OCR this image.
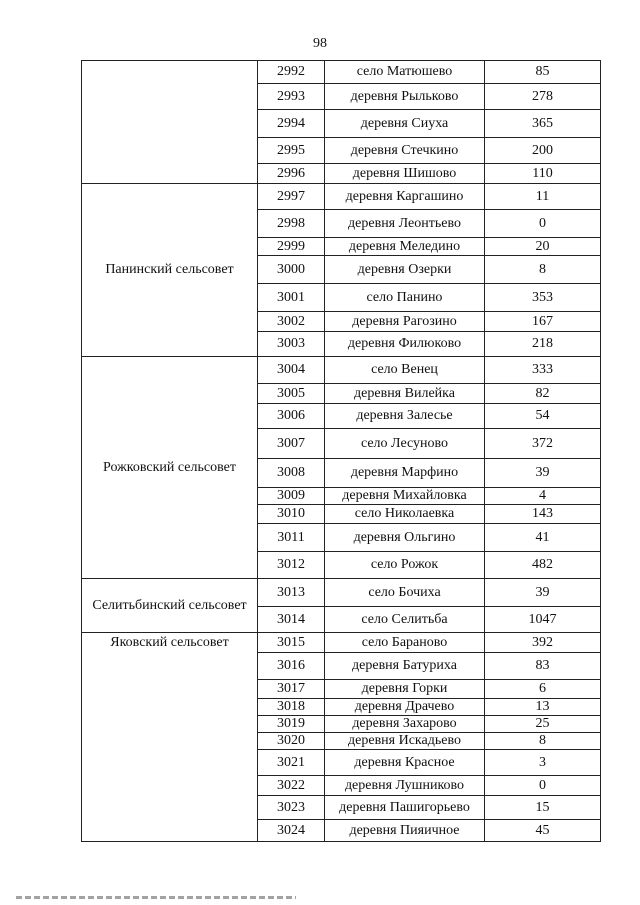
98
	2992	село Матюшево	85
	2993	деревня Рыльково	278
	2994	деревня Сиуха	365
	2995	деревня Стечкино	200
	2996	деревня Шишово	110
Панинский сельсовет	2997	деревня Каргашино	11
	2998	деревня Леонтьево	0
	2999	деревня Меледино	20
	3000	деревня Озерки	8
	3001	село Панино	353
	3002	деревня Рагозино	167
	3003	деревня Филюково	218
Рожковский сельсовет	3004	село Венец	333
	3005	деревня Вилейка	82
	3006	деревня Залесье	54
	3007	село Лесуново	372
	3008	деревня Марфино	39
	3009	деревня Михайловка	4
	3010	село Николаевка	143
	3011	деревня Ольгино	41
	3012	село Рожок	482
Селитьбинский сельсовет	3013	село Бочиха	39
	3014	село Селитьба	1047
Яковский сельсовет	3015	село Бараново	392
	3016	деревня Батуриха	83
	3017	деревня Горки	6
	3018	деревня Драчево	13
	3019	деревня Захарово	25
	3020	деревня Искадьево	8
	3021	деревня Красное	3
	3022	деревня Лушниково	0
	3023	деревня Пашигорьево	15
	3024	деревня Пияичное	45
